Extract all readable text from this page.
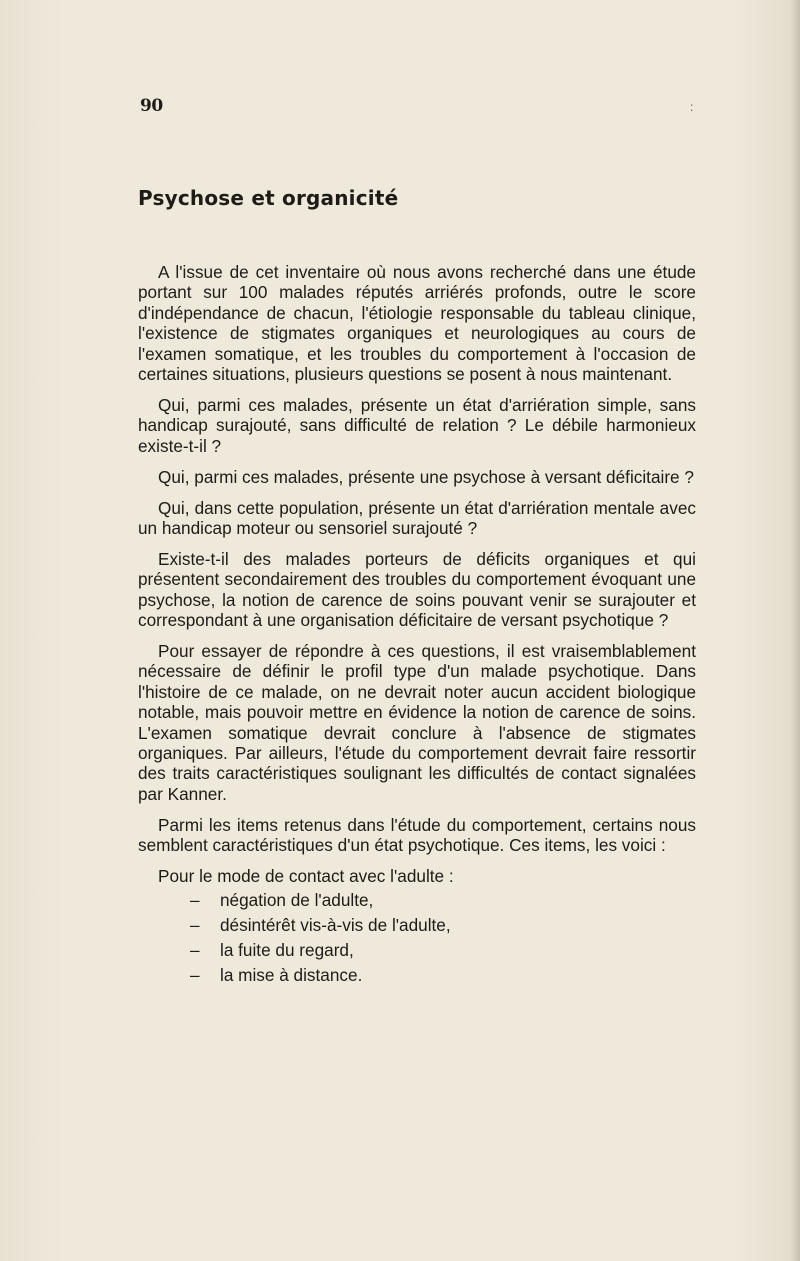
90	:
Psychose et organicité

A l'issue de cet inventaire où nous avons recherché dans une étude portant sur 100 malades réputés arriérés profonds, outre le score d'indépendance de chacun, l'étiologie responsable du tableau clinique, l'existence de stigmates organiques et neurologiques au cours de l'examen somatique, et les troubles du comportement à l'occasion de certaines situations, plusieurs questions se posent à nous maintenant.

Qui, parmi ces malades, présente un état d'arriération simple, sans handicap surajouté, sans difficulté de relation ? Le débile harmonieux existe-t-il ?

Qui, parmi ces malades, présente une psychose à versant déficitaire ?

Qui, dans cette population, présente un état d'arriération mentale avec un handicap moteur ou sensoriel surajouté ?

Existe-t-il des malades porteurs de déficits organiques et qui présentent secondairement des troubles du comportement évoquant une psychose, la notion de carence de soins pouvant venir se surajouter et correspondant à une organisation déficitaire de versant psychotique ?

Pour essayer de répondre à ces questions, il est vraisemblablement nécessaire de définir le profil type d'un malade psychotique. Dans l'histoire de ce malade, on ne devrait noter aucun accident biologique notable, mais pouvoir mettre en évidence la notion de carence de soins. L'examen somatique devrait conclure à l'absence de stigmates organiques. Par ailleurs, l'étude du comportement devrait faire ressortir des traits caractéristiques soulignant les difficultés de contact signalées par Kanner.

Parmi les items retenus dans l'étude du comportement, certains nous semblent caractéristiques d'un état psychotique. Ces items, les voici :

Pour le mode de contact avec l'adulte :

– négation de l'adulte,
– désintérêt vis-à-vis de l'adulte,
– la fuite du regard,
– la mise à distance.
